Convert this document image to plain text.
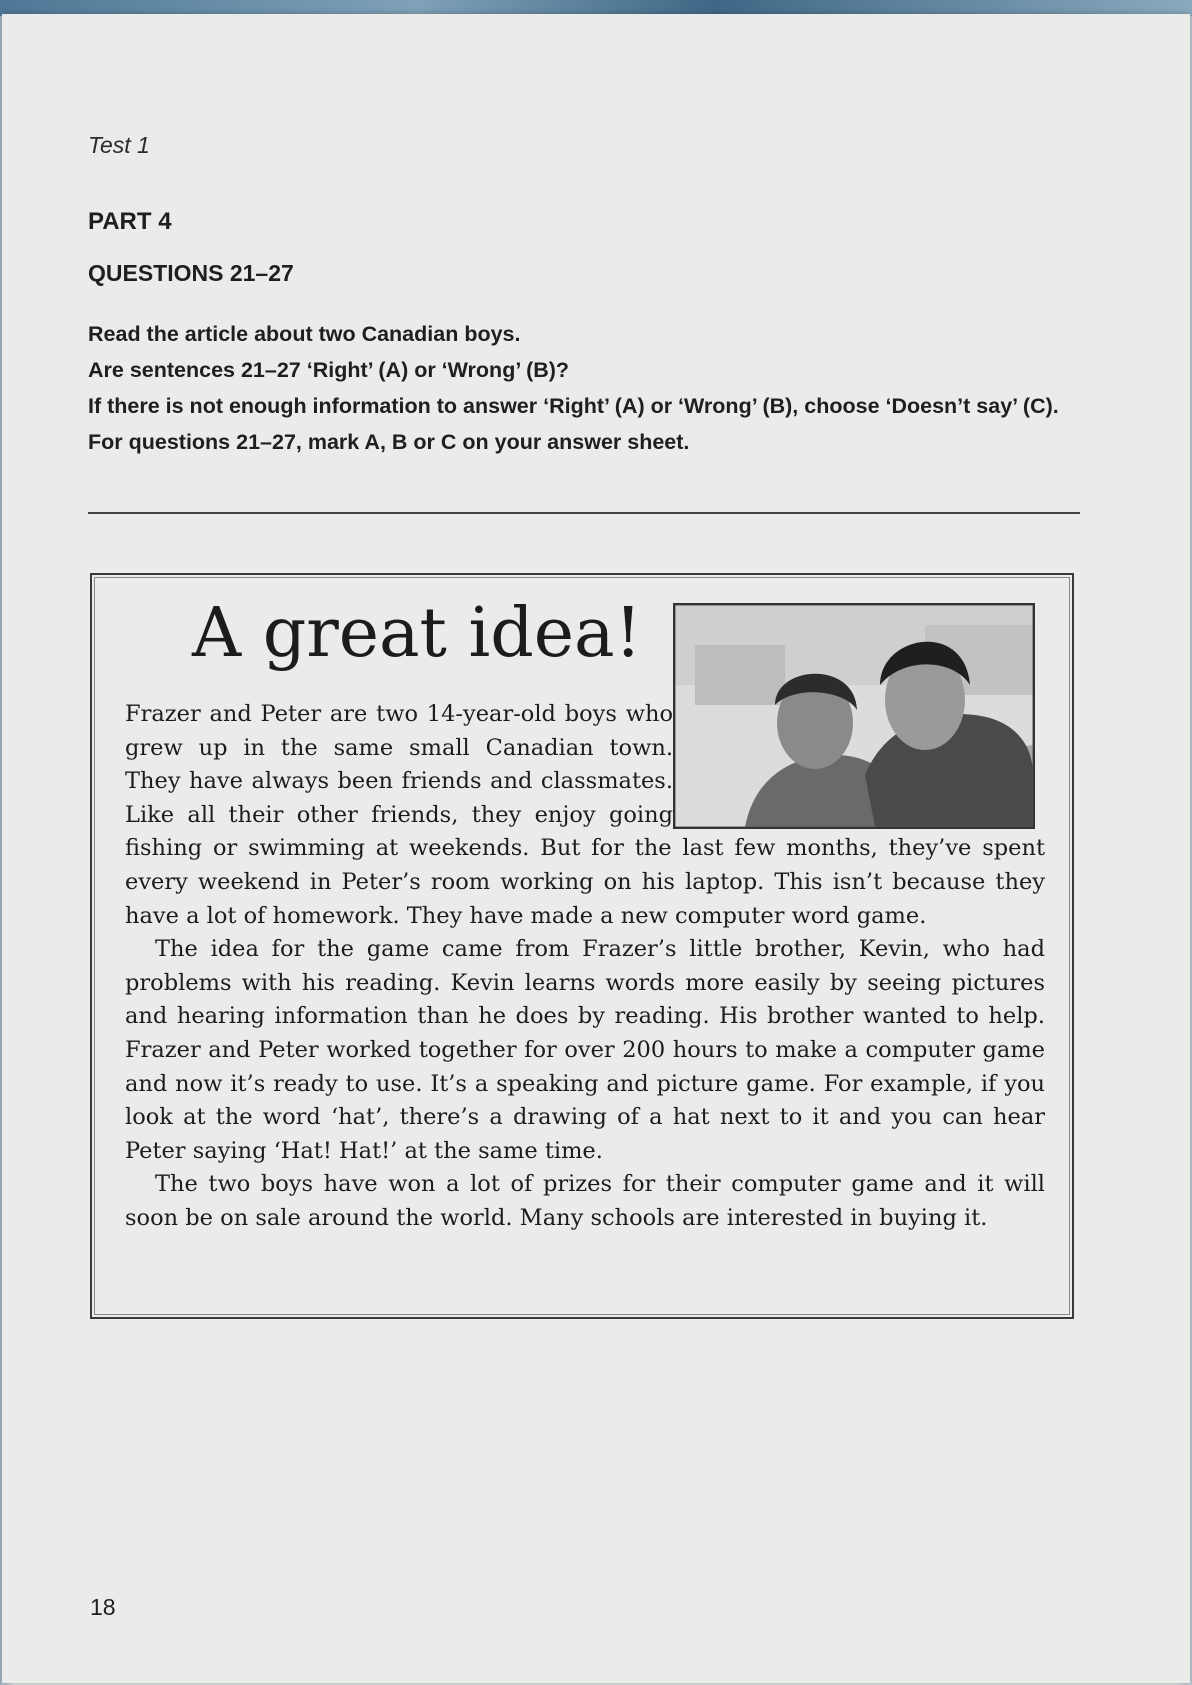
Test 1
PART 4
QUESTIONS 21–27

Read the article about two Canadian boys.

Are sentences 21–27 ‘Right’ (A) or ‘Wrong’ (B)?

If there is not enough information to answer ‘Right’ (A) or ‘Wrong’ (B), choose ‘Doesn’t say’ (C).

For questions 21–27, mark A, B or C on your answer sheet.

A great idea!

Frazer and Peter are two 14-year-old boys who grew up in the same small Canadian town. They have always been friends and classmates. Like all their other friends, they enjoy going fishing or swimming at weekends. But for the last few months, they’ve spent every weekend in Peter’s room working on his laptop. This isn’t because they have a lot of homework. They have made a new computer word game.

The idea for the game came from Frazer’s little brother, Kevin, who had problems with his reading. Kevin learns words more easily by seeing pictures and hearing information than he does by reading. His brother wanted to help. Frazer and Peter worked together for over 200 hours to make a computer game and now it’s ready to use. It’s a speaking and picture game. For example, if you look at the word ‘hat’, there’s a drawing of a hat next to it and you can hear Peter saying ‘Hat! Hat!’ at the same time.

The two boys have won a lot of prizes for their computer game and it will soon be on sale around the world. Many schools are interested in buying it.

18
